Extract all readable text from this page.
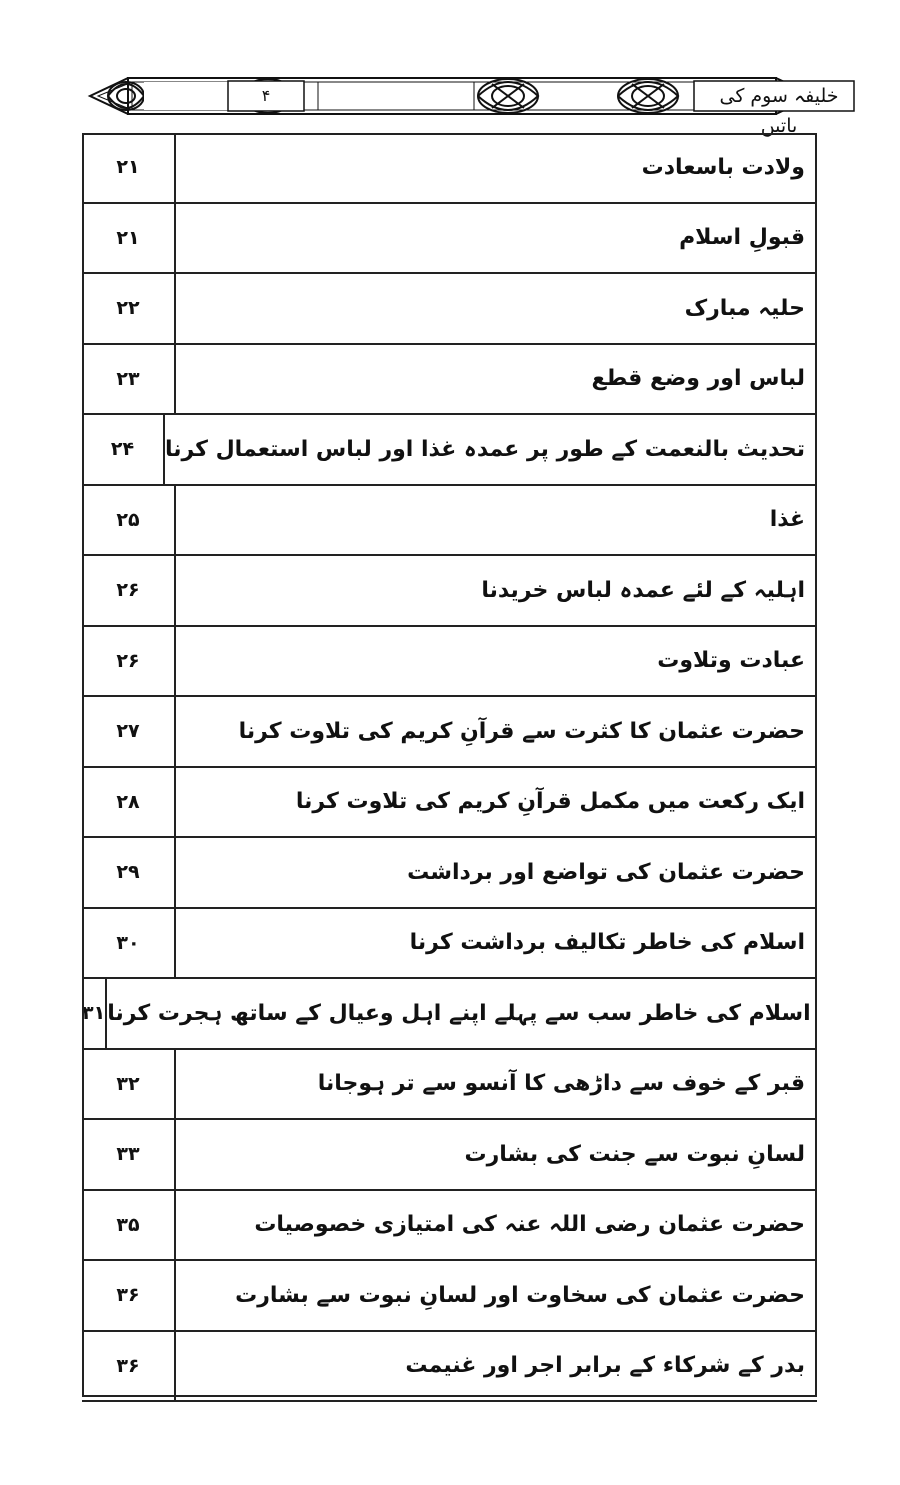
۴	خلیفہ سوم کی باتیں
۲۱	ولادت باسعادت
۲۱	قبولِ اسلام
۲۲	حلیہ مبارک
۲۳	لباس اور وضع قطع
۲۴	تحدیث بالنعمت کے طور پر عمدہ غذا اور لباس استعمال کرنا
۲۵	غذا
۲۶	اہلیہ کے لئے عمدہ لباس خریدنا
۲۶	عبادت وتلاوت
۲۷	حضرت عثمان کا کثرت سے قرآنِ کریم کی تلاوت کرنا
۲۸	ایک رکعت میں مکمل قرآنِ کریم کی تلاوت کرنا
۲۹	حضرت عثمان کی تواضع اور برداشت
۳۰	اسلام کی خاطر تکالیف برداشت کرنا
۳۱ اسلام کی خاطر سب سے پہلے اپنے اہل وعیال کے ساتھ ہجرت کرنا
۳۲	قبر کے خوف سے داڑھی کا آنسو سے تر ہوجانا
۳۳	لسانِ نبوت سے جنت کی بشارت
۳۵	حضرت عثمان رضی اللہ عنہ کی امتیازی خصوصیات
۳۶	حضرت عثمان کی سخاوت اور لسانِ نبوت سے بشارت
۳۶	بدر کے شرکاء کے برابر اجر اور غنیمت
